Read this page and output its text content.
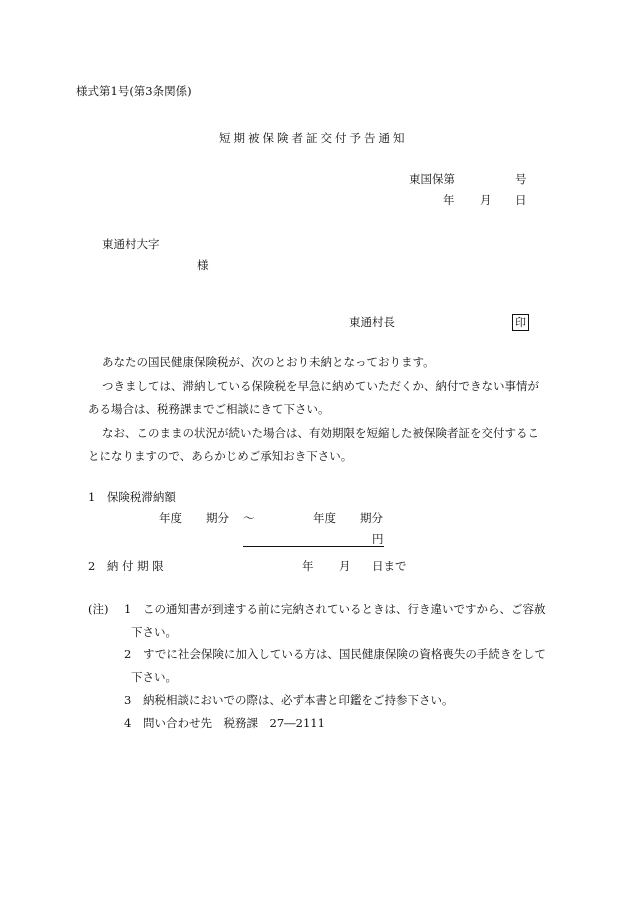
様式第1号(第3条関係)
短期被保険者証交付予告通知
東国保第	号
年 月 日
東通村大字
様
東通村長	印
あなたの国民健康保険税が、次のとおり未納となっております。
つきましては、滞納している保険税を早急に納めていただくか、納付できない事情が
ある場合は、税務課までご相談にきて下さい。
なお、このままの状況が続いた場合は、有効期限を短縮した被保険者証を交付するこ
とになりますので、あらかじめご承知おき下さい。
1　保険税滞納額
年度 期分 〜	年度 期分
円
2　納 付 期 限	年 月 日まで
(注) 1 この通知書が到達する前に完納されているときは、行き違いですから、ご容赦
下さい。
2 すでに社会保険に加入している方は、国民健康保険の資格喪失の手続きをして
下さい。
3 納税相談においでの際は、必ず本書と印鑑をご持参下さい。
4 問い合わせ先　税務課　27―2111
